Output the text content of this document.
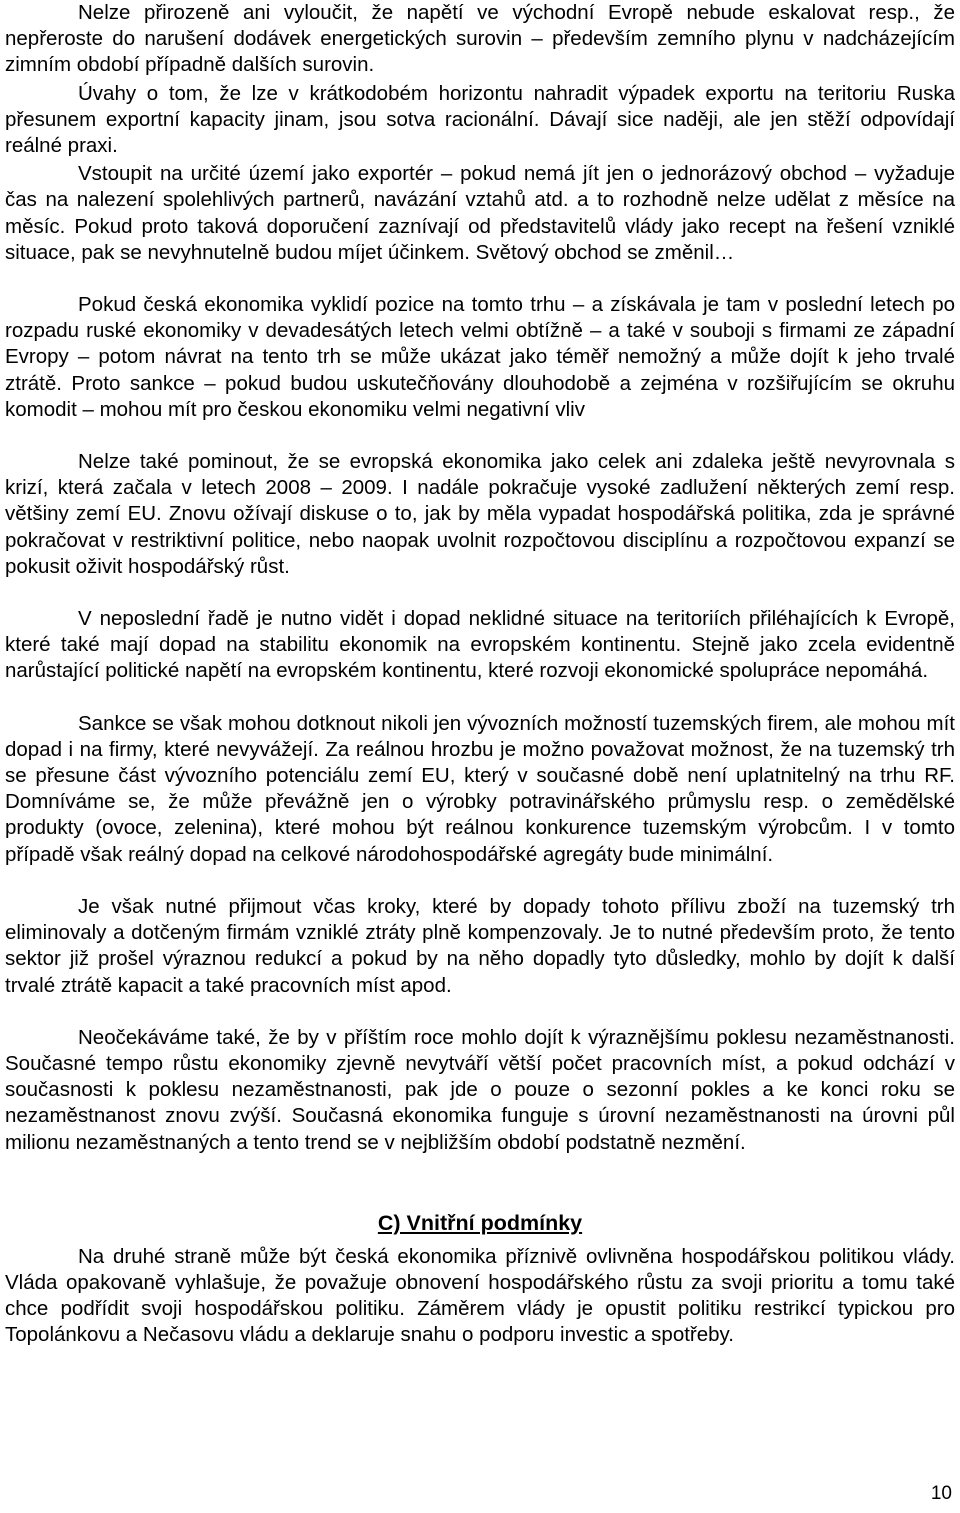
Nelze přirozeně ani vyloučit, že napětí ve východní Evropě nebude eskalovat resp., že nepřeroste do narušení dodávek energetických surovin – především zemního plynu v nadcházejícím zimním období případně dalších surovin.

Úvahy o tom, že lze v krátkodobém horizontu nahradit výpadek exportu na teritoriu Ruska přesunem exportní kapacity jinam, jsou sotva racionální. Dávají sice naději, ale jen stěží odpovídají reálné praxi.

Vstoupit na určité území jako exportér – pokud nemá jít jen o jednorázový obchod – vyžaduje čas na nalezení spolehlivých partnerů, navázání vztahů atd. a to rozhodně nelze udělat z měsíce na měsíc. Pokud proto taková doporučení zaznívají od představitelů vlády jako recept na řešení vzniklé situace, pak se nevyhnutelně budou míjet účinkem. Světový obchod se změnil…

Pokud česká ekonomika vyklidí pozice na tomto trhu – a získávala je tam v poslední letech po rozpadu ruské ekonomiky v devadesátých letech velmi obtížně – a také v souboji s firmami ze západní Evropy – potom návrat na tento trh se může ukázat jako téměř nemožný a může dojít k jeho trvalé ztrátě. Proto sankce – pokud budou uskutečňovány dlouhodobě a zejména v rozšiřujícím se okruhu komodit – mohou mít pro českou ekonomiku velmi negativní vliv

Nelze také pominout, že se evropská ekonomika jako celek ani zdaleka ještě nevyrovnala s krizí, která začala v letech 2008 – 2009. I nadále pokračuje vysoké zadlužení některých zemí resp. většiny zemí EU. Znovu ožívají diskuse o to, jak by měla vypadat hospodářská politika, zda je správné pokračovat v restriktivní politice, nebo naopak uvolnit rozpočtovou disciplínu a rozpočtovou expanzí se pokusit oživit hospodářský růst.

V neposlední řadě je nutno vidět i dopad neklidné situace na teritoriích přiléhajících k Evropě, které také mají dopad na stabilitu ekonomik na evropském kontinentu. Stejně jako zcela evidentně narůstající politické napětí na evropském kontinentu, které rozvoji ekonomické spolupráce nepomáhá.

Sankce se však mohou dotknout nikoli jen vývozních možností tuzemských firem, ale mohou mít dopad i na firmy, které nevyvážejí. Za reálnou hrozbu je možno považovat možnost, že na tuzemský trh se přesune část vývozního potenciálu zemí EU, který v současné době není uplatnitelný na trhu RF. Domníváme se, že může převážně jen o výrobky potravinářského průmyslu resp. o zemědělské produkty (ovoce, zelenina), které mohou být reálnou konkurence tuzemským výrobcům. I v tomto případě však reálný dopad na celkové národohospodářské agregáty bude minimální.

Je však nutné přijmout včas kroky, které by dopady tohoto přílivu zboží na tuzemský trh eliminovaly a dotčeným firmám vzniklé ztráty plně kompenzovaly. Je to nutné především proto, že tento sektor již prošel výraznou redukcí a pokud by na něho dopadly tyto důsledky, mohlo by dojít k další trvalé ztrátě kapacit a také pracovních míst apod.

Neočekáváme také, že by v příštím roce mohlo dojít k výraznějšímu poklesu nezaměstnanosti. Současné tempo růstu ekonomiky zjevně nevytváří větší počet pracovních míst, a pokud odchází v současnosti k poklesu nezaměstnanosti, pak jde o pouze o sezonní pokles a ke konci roku se nezaměstnanost znovu zvýší. Současná ekonomika funguje s úrovní nezaměstnanosti na úrovni půl milionu nezaměstnaných a tento trend se v nejbližším období podstatně nezmění.

C) Vnitřní podmínky

Na druhé straně může být česká ekonomika příznivě ovlivněna hospodářskou politikou vlády. Vláda opakovaně vyhlašuje, že považuje obnovení hospodářského růstu za svoji prioritu a tomu také chce podřídit svoji hospodářskou politiku. Záměrem vlády je opustit politiku restrikcí typickou pro Topolánkovu a Nečasovu vládu a deklaruje snahu o podporu investic a spotřeby.

10
